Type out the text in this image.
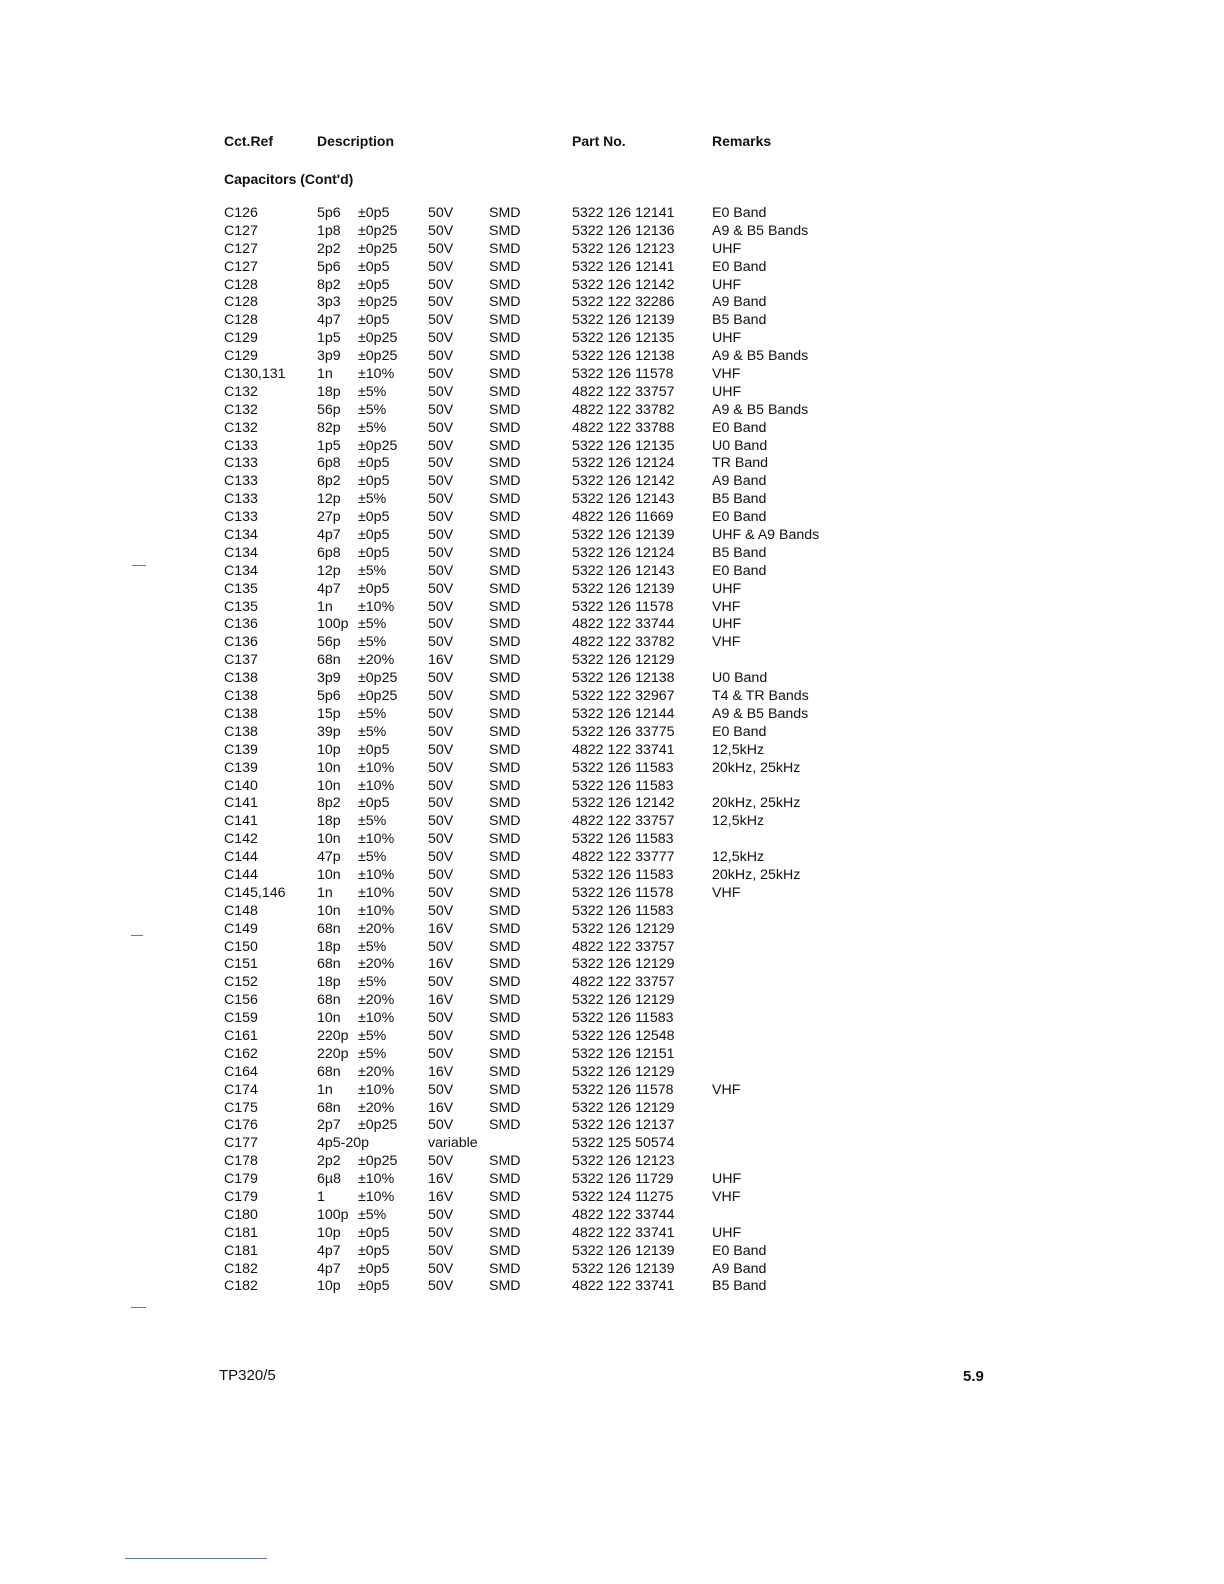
Cct.Ref	Description	Part No.	Remarks
Capacitors (Cont'd)
C126	5p6 ±0p5	50V	SMD	5322 126 12141	E0 Band
C127	1p8 ±0p25 50V	SMD	5322 126 12136	A9 & B5 Bands
C127	2p2 ±0p25 50V	SMD	5322 126 12123	UHF
C127	5p6 ±0p5	50V	SMD	5322 126 12141	E0 Band
C128	8p2 ±0p5	50V	SMD	5322 126 12142	UHF
C128	3p3 ±0p25 50V	SMD	5322 122 32286	A9 Band
C128	4p7 ±0p5	50V	SMD	5322 126 12139	B5 Band
C129	1p5 ±0p25 50V	SMD	5322 126 12135	UHF
C129	3p9 ±0p25 50V	SMD	5322 126 12138	A9 & B5 Bands
C130,131 1n ±10% 50V	SMD	5322 126 11578	VHF
C132	18p ±5%	50V	SMD	4822 122 33757	UHF
C132	56p ±5%	50V	SMD	4822 122 33782	A9 & B5 Bands
C132	82p ±5%	50V	SMD	4822 122 33788	E0 Band
C133	1p5 ±0p25 50V	SMD	5322 126 12135	U0 Band
C133	6p8 ±0p5	50V	SMD	5322 126 12124	TR Band
C133	8p2 ±0p5	50V	SMD	5322 126 12142	A9 Band
C133	12p ±5%	50V	SMD	5322 126 12143	B5 Band
C133	27p ±0p5	50V	SMD	4822 126 11669	E0 Band
C134	4p7 ±0p5	50V	SMD	5322 126 12139	UHF & A9 Bands
C134	6p8 ±0p5	50V	SMD	5322 126 12124	B5 Band
C134	12p ±5%	50V	SMD	5322 126 12143	E0 Band
C135	4p7 ±0p5	50V	SMD	5322 126 12139	UHF
C135	1n ±10% 50V	SMD	5322 126 11578	VHF
C136	100p ±5%	50V	SMD	4822 122 33744	UHF
C136	56p ±5%	50V	SMD	4822 122 33782	VHF
C137	68n ±20% 16V	SMD	5322 126 12129
C138	3p9 ±0p25 50V	SMD	5322 126 12138	U0 Band
C138	5p6 ±0p25 50V	SMD	5322 122 32967	T4 & TR Bands
C138	15p ±5%	50V	SMD	5322 126 12144	A9 & B5 Bands
C138	39p ±5%	50V	SMD	5322 126 33775	E0 Band
C139	10p ±0p5	50V	SMD	4822 122 33741	12,5kHz
C139	10n ±10% 50V	SMD	5322 126 11583	20kHz, 25kHz
C140	10n ±10% 50V	SMD	5322 126 11583
C141	8p2 ±0p5	50V	SMD	5322 126 12142	20kHz, 25kHz
C141	18p ±5%	50V	SMD	4822 122 33757	12,5kHz
C142	10n ±10% 50V	SMD	5322 126 11583
C144	47p ±5%	50V	SMD	4822 122 33777	12,5kHz
C144	10n ±10% 50V	SMD	5322 126 11583	20kHz, 25kHz
C145,146 1n ±10% 50V	SMD	5322 126 11578	VHF
C148	10n ±10% 50V	SMD	5322 126 11583
C149	68n ±20% 16V	SMD	5322 126 12129
C150	18p ±5%	50V	SMD	4822 122 33757
C151	68n ±20% 16V	SMD	5322 126 12129
C152	18p ±5%	50V	SMD	4822 122 33757
C156	68n ±20% 16V	SMD	5322 126 12129
C159	10n ±10% 50V	SMD	5322 126 11583
C161	220p ±5%	50V	SMD	5322 126 12548
C162	220p ±5%	50V	SMD	5322 126 12151
C164	68n ±20% 16V	SMD	5322 126 12129
C174	1n ±10% 50V	SMD	5322 126 11578	VHF
C175	68n ±20% 16V	SMD	5322 126 12129
C176	2p7 ±0p25 50V	SMD	5322 126 12137
C177	4p5-20p	variable	5322 125 50574
C178	2p2 ±0p25 50V	SMD	5322 126 12123
C179	6µ8 ±10% 16V	SMD	5322 126 11729	UHF
C179	1 ±10% 16V	SMD	5322 124 11275	VHF
C180	100p ±5%	50V	SMD	4822 122 33744
C181	10p ±0p5	50V	SMD	4822 122 33741	UHF
C181	4p7 ±0p5	50V	SMD	5322 126 12139	E0 Band
C182	4p7 ±0p5	50V	SMD	5322 126 12139	A9 Band
C182	10p ±0p5	50V	SMD	4822 122 33741	B5 Band
TP320/5	5.9
